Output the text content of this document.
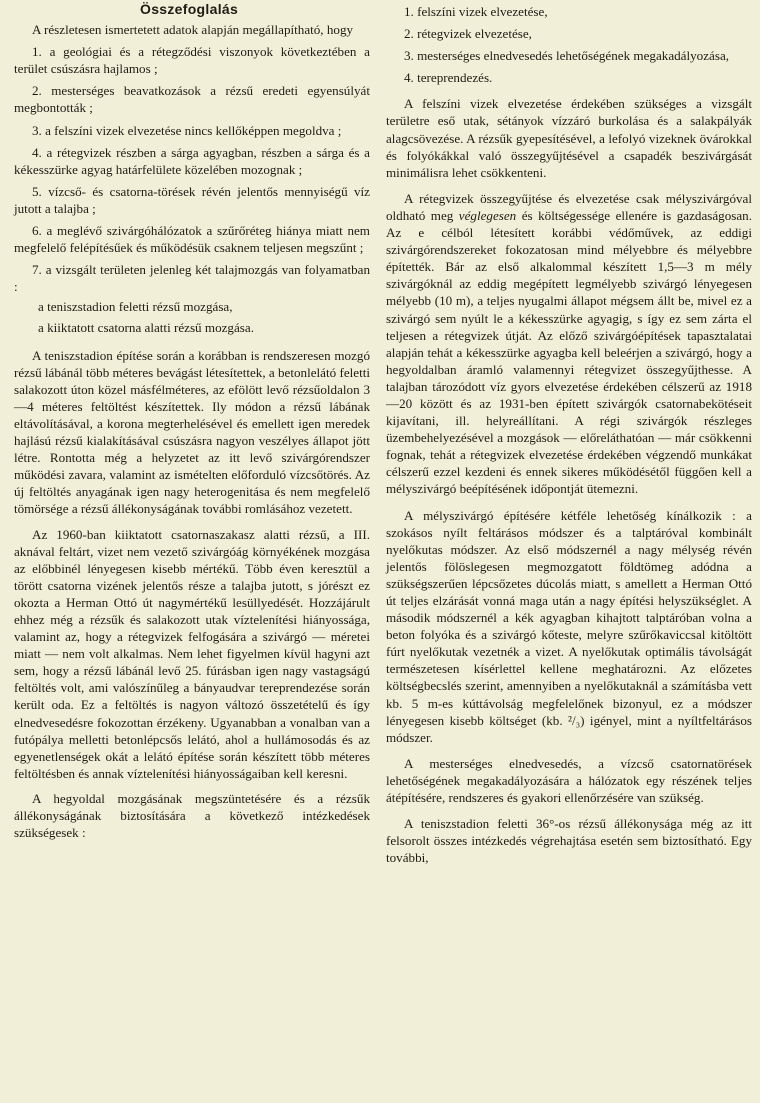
Összefoglalás

A részletesen ismertetett adatok alapján megállapítható, hogy

1. a geológiai és a rétegződési viszonyok következtében a terület csúszásra hajlamos ;

2. mesterséges beavatkozások a rézsű eredeti egyensúlyát megbontották ;

3. a felszíni vizek elvezetése nincs kellőképpen megoldva ;

4. a rétegvizek részben a sárga agyagban, részben a sárga és a kékesszürke agyag határfelülete közelében mozognak ;

5. vízcső- és csatorna-törések révén jelentős mennyiségű víz jutott a talajba ;

6. a meglévő szivárgóhálózatok a szűrőréteg hiánya miatt nem megfelelő felépítésűek és működésük csaknem teljesen megszűnt ;

7. a vizsgált területen jelenleg két talajmozgás van folyamatban :

a teniszstadion feletti rézsű mozgása,

a kiiktatott csatorna alatti rézsű mozgása.

A teniszstadion építése során a korábban is rendszeresen mozgó rézsű lábánál több méteres bevágást létesítettek, a betonlelátó feletti salakozott úton közel másfélméteres, az efölött levő rézsűoldalon 3—4 méteres feltöltést készítettek. Ily módon a rézsű lábának eltávolításával, a korona megterhelésével és emellett igen meredek hajlású rézsű kialakításával csúszásra nagyon veszélyes állapot jött létre. Rontotta még a helyzetet az itt levő szivárgórendszer működési zavara, valamint az ismételten előforduló vízcsőtörés. Az új feltöltés anyagának igen nagy heterogenitása és nem megfelelő tömörsége a rézsű állékonyságának további romlásához vezetett.

Az 1960-ban kiiktatott csatornaszakasz alatti rézsű, a III. aknával feltárt, vizet nem vezető szivárgóág környékének mozgása az előbbinél lényegesen kisebb mértékű. Több éven keresztül a törött csatorna vizének jelentős része a talajba jutott, s jórészt ez okozta a Herman Ottó út nagymértékű lesüllyedését. Hozzájárult ehhez még a rézsűk és salakozott utak víztelenítési hiányossága, valamint az, hogy a rétegvizek felfogására a szivárgó — méretei miatt — nem volt alkalmas. Nem lehet figyelmen kívül hagyni azt sem, hogy a rézsű lábánál levő 25. fúrásban igen nagy vastagságú feltöltés volt, ami valószínűleg a bányaudvar tereprendezése során került oda. Ez a feltöltés is nagyon változó összetételű és így elnedvesedésre fokozottan érzékeny. Ugyanabban a vonalban van a futópálya melletti betonlépcsős lelátó, ahol a hullámosodás és az egyenetlenségek okát a lelátó építése során készített több méteres feltöltésben és annak víztelenítési hiányosságaiban kell keresni.

A hegyoldal mozgásának megszüntetésére és a rézsűk állékonyságának biztosítására a következő intézkedések szükségesek :

1. felszíni vizek elvezetése,

2. rétegvizek elvezetése,

3. mesterséges elnedvesedés lehetőségének megakadályozása,

4. tereprendezés.

A felszíni vizek elvezetése érdekében szükséges a vizsgált területre eső utak, sétányok vízzáró burkolása és a salakpályák alagcsövezése. A rézsűk gyepesítésével, a lefolyó vizeknek övárokkal és folyókákkal való összegyűjtésével a csapadék beszivárgását minimálisra lehet csökkenteni.

A rétegvizek összegyűjtése és elvezetése csak mélyszivárgóval oldható meg véglegesen és költségessége ellenére is gazdaságosan. Az e célból létesített korábbi védőművek, az eddigi szivárgórendszereket fokozatosan mind mélyebbre és mélyebbre építették. Bár az első alkalommal készített 1,5—3 m mély szivárgóknál az eddig megépített legmélyebb szivárgó lényegesen mélyebb (10 m), a teljes nyugalmi állapot mégsem állt be, mivel ez a szivárgó sem nyúlt le a kékesszürke agyagig, s így ez sem zárta el teljesen a rétegvizek útját. Az előző szivárgóépítések tapasztalatai alapján tehát a kékesszürke agyagba kell beleérjen a szivárgó, hogy a hegyoldalban áramló valamennyi rétegvizet összegyűjthesse. A talajban tározódott víz gyors elvezetése érdekében célszerű az 1918—20 között és az 1931-ben épített szivárgók csatornabekötéseit kijavítani, ill. helyreállítani. A régi szivárgók részleges üzembehelyezésével a mozgások — előreláthatóan — már csökkenni fognak, tehát a rétegvizek elvezetése érdekében végzendő munkákat célszerű ezzel kezdeni és ennek sikeres működésétől függően kell a mélyszivárgó beépítésének időpontját ütemezni.

A mélyszivárgó építésére kétféle lehetőség kínálkozik : a szokásos nyílt feltárásos módszer és a talptáróval kombinált nyelőkutas módszer. Az első módszernél a nagy mélység révén jelentős fölöslegesen megmozgatott földtömeg adódna a szükségszerűen lépcsőzetes dúcolás miatt, s amellett a Herman Ottó út teljes elzárását vonná maga után a nagy építési helyszükséglet. A második módszernél a kék agyagban kihajtott talptáróban volna a beton folyóka és a szivárgó kőteste, melyre szűrőkaviccsal kitöltött fúrt nyelőkutak vezetnék a vizet. A nyelőkutak optimális távolságát természetesen kísérlettel kellene meghatározni. Az előzetes költségbecslés szerint, amennyiben a nyelőkutaknál a számításba vett kb. 5 m-es kúttávolság megfelelőnek bizonyul, ez a módszer lényegesen kisebb költséget (kb. ²/₃) igényel, mint a nyíltfeltárásos módszer.

A mesterséges elnedvesedés, a vízcső csatornatörések lehetőségének megakadályozására a hálózatok egy részének teljes átépítésére, rendszeres és gyakori ellenőrzésére van szükség.

A teniszstadion feletti 36°-os rézsű állékonysága még az itt felsorolt összes intézkedés végrehajtása esetén sem biztosítható. Egy további,
